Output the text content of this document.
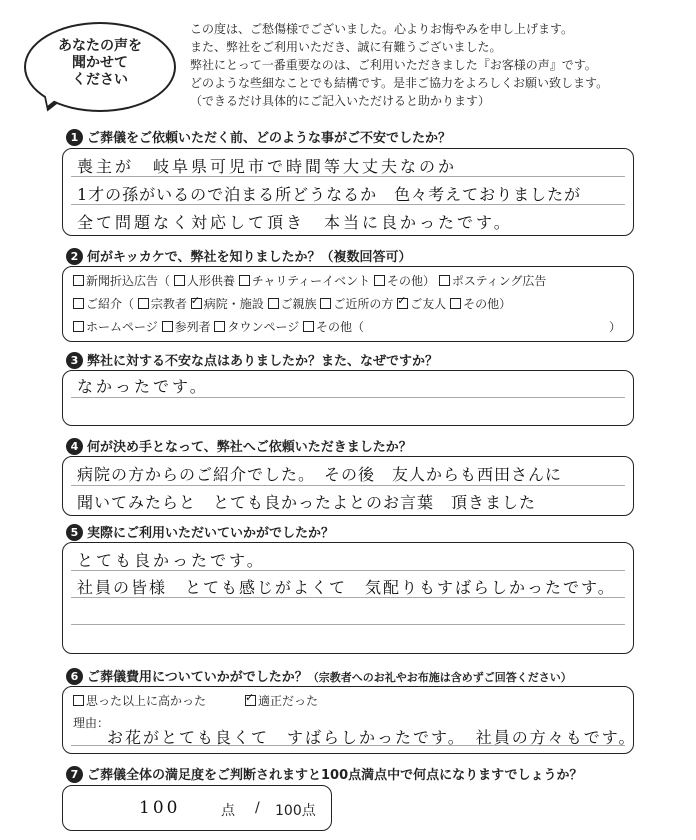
あなたの声を
聞かせて
ください
この度は、ご愁傷様でございました。心よりお悔やみを申し上げます。
また、弊社をご利用いただき、誠に有難うございました。
弊社にとって一番重要なのは、ご利用いただきました『お客様の声』です。
どのような些細なことでも結構です。是非ご協力をよろしくお願い致します。
（できるだけ具体的にご記入いただけると助かります）
1 ご葬儀をご依頼いただく前、どのような事がご不安でしたか？
喪主が　岐阜県可児市で時間等大丈夫なのか
1才の孫がいるので泊まる所どうなるか　色々考えておりましたが
全て問題なく対応して頂き　本当に良かったです。
2 何がキッカケで、弊社を知りましたか？（複数回答可）
新聞折込広告（ 人形供養 チャリティーイベント その他） ポスティング広告
ご紹介（ 宗教者 ✓ 病院・施設 ご親族 ご近所の方 ✓ ご友人 その他）
ホームページ 参列者 タウンページ その他（	）
3 弊社に対する不安な点はありましたか？また、なぜですか？
なかったです。
4 何が決め手となって、弊社へご依頼いただきましたか？
病院の方からのご紹介でした。　その後　友人からも西田さんに
聞いてみたらと　とても良かったよとのお言葉　頂きました
5 実際にご利用いただいていかがでしたか？
とても良かったです。
社員の皆様　とても感じがよくて　気配りもすばらしかったです。
6 ご葬儀費用についていかがでしたか？（宗教者へのお礼やお布施は含めずご回答ください）
思った以上に高かった ✓	適正だった
理由：
お花がとても良くて　すばらしかったです。　社員の方々もです。
7 ご葬儀全体の満足度をご判断されますと100点満点中で何点になりますでしょうか？
100	点 / 100点
